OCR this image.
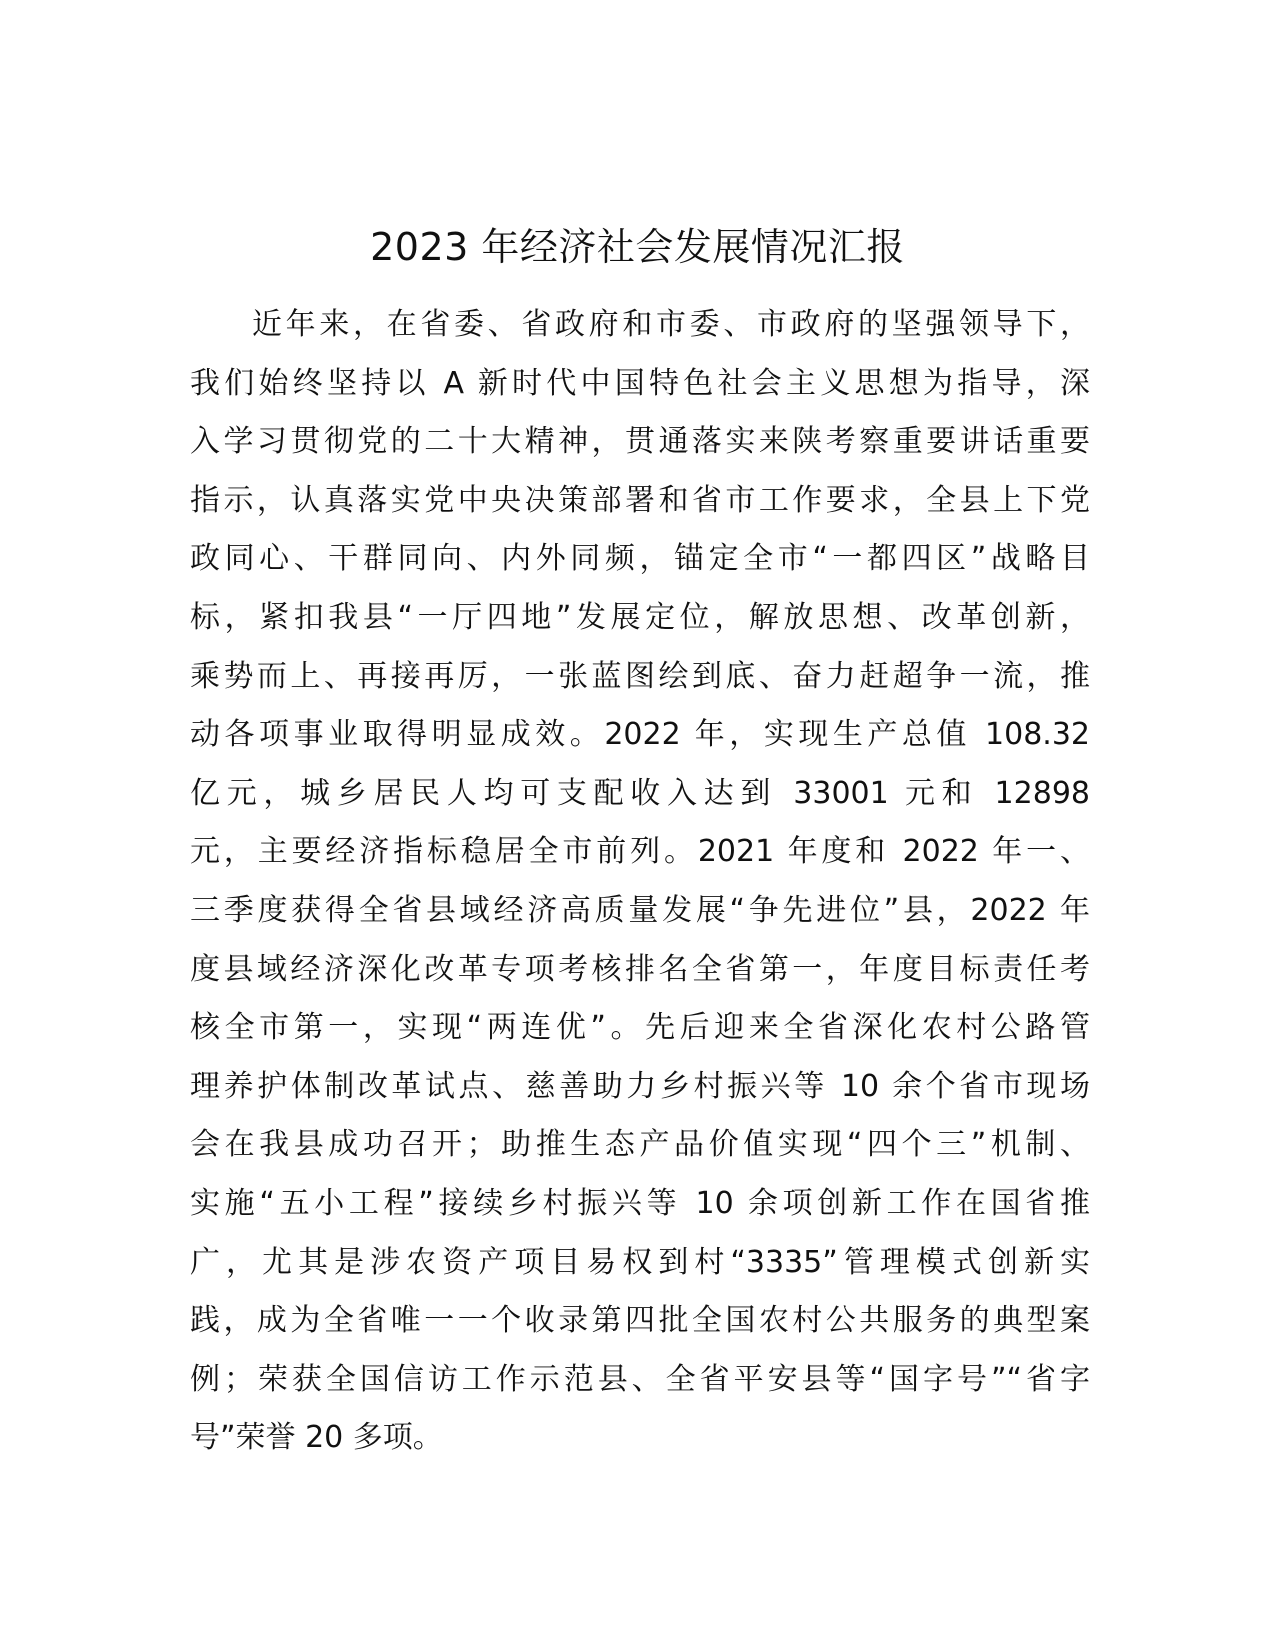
2023 年经济社会发展情况汇报
近年来，在省委、省政府和市委、市政府的坚强领导下，
我们始终坚持以 A 新时代中国特色社会主义思想为指导，深
入学习贯彻党的二十大精神，贯通落实来陕考察重要讲话重要
指示，认真落实党中央决策部署和省市工作要求，全县上下党
政同心、干群同向、内外同频，锚定全市“一都四区”战略目
标，紧扣我县“一厅四地”发展定位，解放思想、改革创新，
乘势而上、再接再厉，一张蓝图绘到底、奋力赶超争一流，推
动各项事业取得明显成效。2022 年，实现生产总值 108.32
亿元，城乡居民人均可支配收入达到 33001 元和 12898
元，主要经济指标稳居全市前列。2021 年度和 2022 年一、
三季度获得全省县域经济高质量发展“争先进位”县，2022 年
度县域经济深化改革专项考核排名全省第一，年度目标责任考
核全市第一，实现“两连优”。先后迎来全省深化农村公路管
理养护体制改革试点、慈善助力乡村振兴等 10 余个省市现场
会在我县成功召开；助推生态产品价值实现“四个三”机制、
实施“五小工程”接续乡村振兴等 10 余项创新工作在国省推
广，尤其是涉农资产项目易权到村“3335”管理模式创新实
践，成为全省唯一一个收录第四批全国农村公共服务的典型案
例；荣获全国信访工作示范县、全省平安县等“国字号”“省字
号”荣誉 20 多项。
